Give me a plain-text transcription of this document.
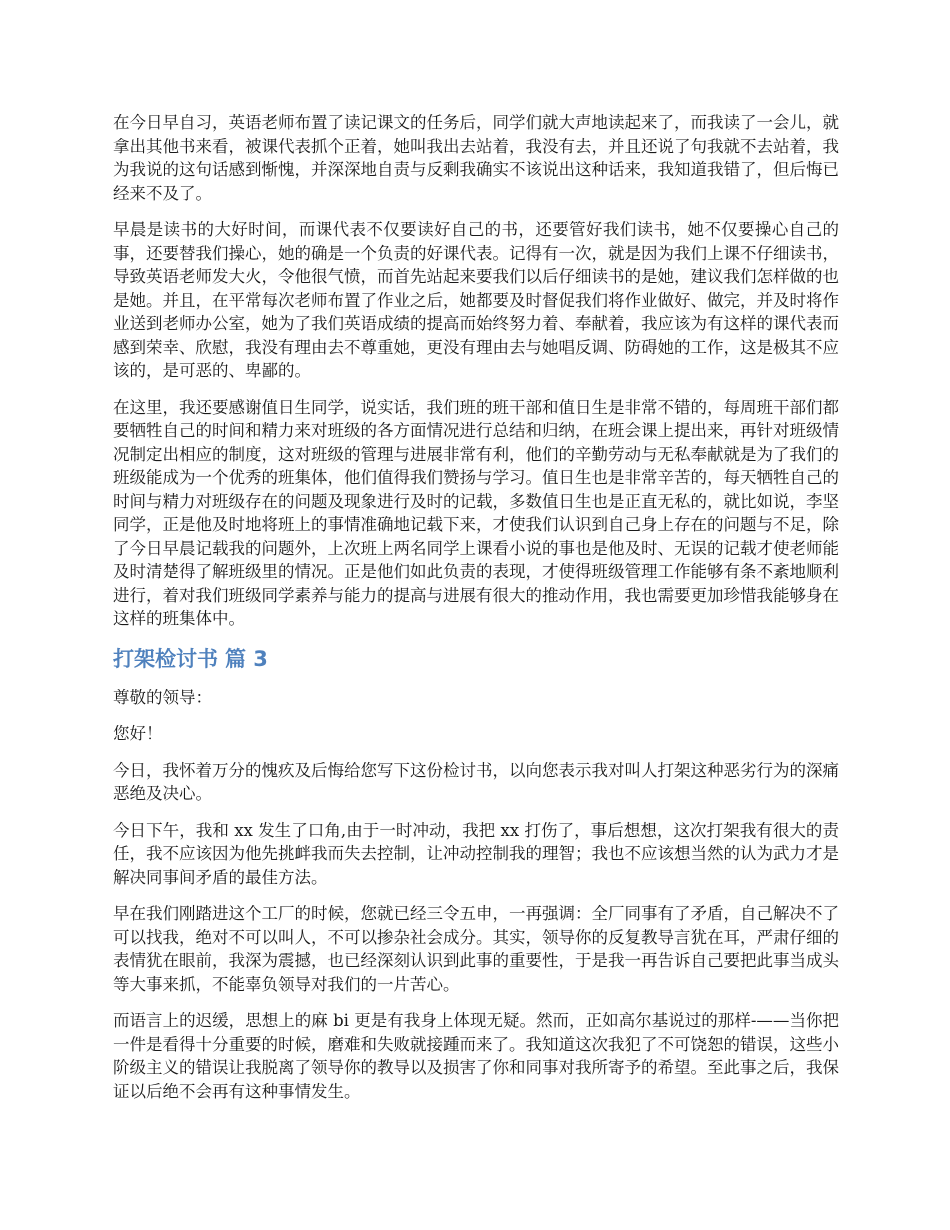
在今日早自习，英语老师布置了读记课文的任务后，同学们就大声地读起来了，而我读了一会儿，就拿出其他书来看，被课代表抓个正着，她叫我出去站着，我没有去，并且还说了句我就不去站着，我为我说的这句话感到惭愧，并深深地自责与反剩我确实不该说出这种话来，我知道我错了，但后悔已经来不及了。

早晨是读书的大好时间，而课代表不仅要读好自己的书，还要管好我们读书，她不仅要操心自己的事，还要替我们操心，她的确是一个负责的好课代表。记得有一次，就是因为我们上课不仔细读书，导致英语老师发大火，令他很气愤，而首先站起来要我们以后仔细读书的是她，建议我们怎样做的也是她。并且，在平常每次老师布置了作业之后，她都要及时督促我们将作业做好、做完，并及时将作业送到老师办公室，她为了我们英语成绩的提高而始终努力着、奉献着，我应该为有这样的课代表而感到荣幸、欣慰，我没有理由去不尊重她，更没有理由去与她唱反调、防碍她的工作，这是极其不应该的，是可恶的、卑鄙的。

在这里，我还要感谢值日生同学，说实话，我们班的班干部和值日生是非常不错的，每周班干部们都要牺牲自己的时间和精力来对班级的各方面情况进行总结和归纳，在班会课上提出来，再针对班级情况制定出相应的制度，这对班级的管理与进展非常有利，他们的辛勤劳动与无私奉献就是为了我们的班级能成为一个优秀的班集体，他们值得我们赞扬与学习。值日生也是非常辛苦的，每天牺牲自己的时间与精力对班级存在的问题及现象进行及时的记载，多数值日生也是正直无私的，就比如说，李坚同学，正是他及时地将班上的事情准确地记载下来，才使我们认识到自己身上存在的问题与不足，除了今日早晨记载我的问题外，上次班上两名同学上课看小说的事也是他及时、无误的记载才使老师能及时清楚得了解班级里的情况。正是他们如此负责的表现，才使得班级管理工作能够有条不紊地顺利进行，着对我们班级同学素养与能力的提高与进展有很大的推动作用，我也需要更加珍惜我能够身在这样的班集体中。

打架检讨书 篇 3

尊敬的领导：

您好！

今日，我怀着万分的愧疚及后悔给您写下这份检讨书，以向您表示我对叫人打架这种恶劣行为的深痛恶绝及决心。

今日下午，我和 xx 发生了口角,由于一时冲动，我把 xx 打伤了，事后想想，这次打架我有很大的责任，我不应该因为他先挑衅我而失去控制，让冲动控制我的理智；我也不应该想当然的认为武力才是解决同事间矛盾的最佳方法。

早在我们刚踏进这个工厂的时候，您就已经三令五申，一再强调：全厂同事有了矛盾，自己解决不了可以找我，绝对不可以叫人，不可以掺杂社会成分。其实，领导你的反复教导言犹在耳，严肃仔细的表情犹在眼前，我深为震撼，也已经深刻认识到此事的重要性，于是我一再告诉自己要把此事当成头等大事来抓，不能辜负领导对我们的一片苦心。

而语言上的迟缓，思想上的麻 bi 更是有我身上体现无疑。然而，正如高尔基说过的那样-——当你把一件是看得十分重要的时候，磨难和失败就接踵而来了。我知道这次我犯了不可饶恕的错误，这些小阶级主义的错误让我脱离了领导你的教导以及损害了你和同事对我所寄予的希望。至此事之后，我保证以后绝不会再有这种事情发生。
